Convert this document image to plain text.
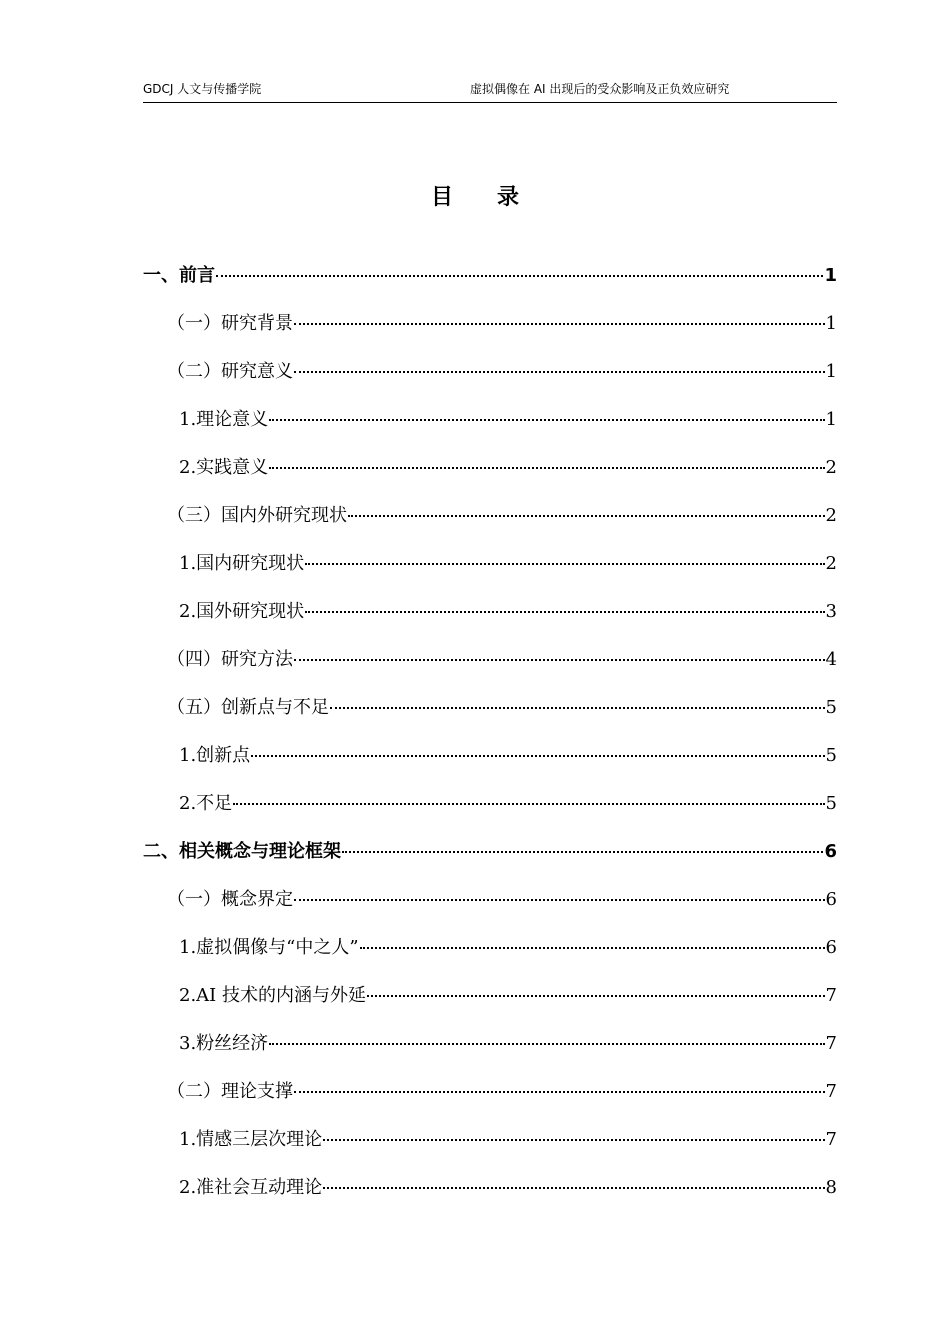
GDCJ 人文与传播学院	虚拟偶像在 AI 出现后的受众影响及正负效应研究
目录
一、前言	1
（一）研究背景	1
（二）研究意义	1
1.理论意义	1
2.实践意义	2
（三）国内外研究现状	2
1.国内研究现状	2
2.国外研究现状	3
（四）研究方法	4
（五）创新点与不足	5
1.创新点	5
2.不足	5
二、相关概念与理论框架	6
（一）概念界定	6
1.虚拟偶像与“中之人”	6
2.AI 技术的内涵与外延	7
3.粉丝经济	7
（二）理论支撑	7
1.情感三层次理论	7
2.准社会互动理论	8
